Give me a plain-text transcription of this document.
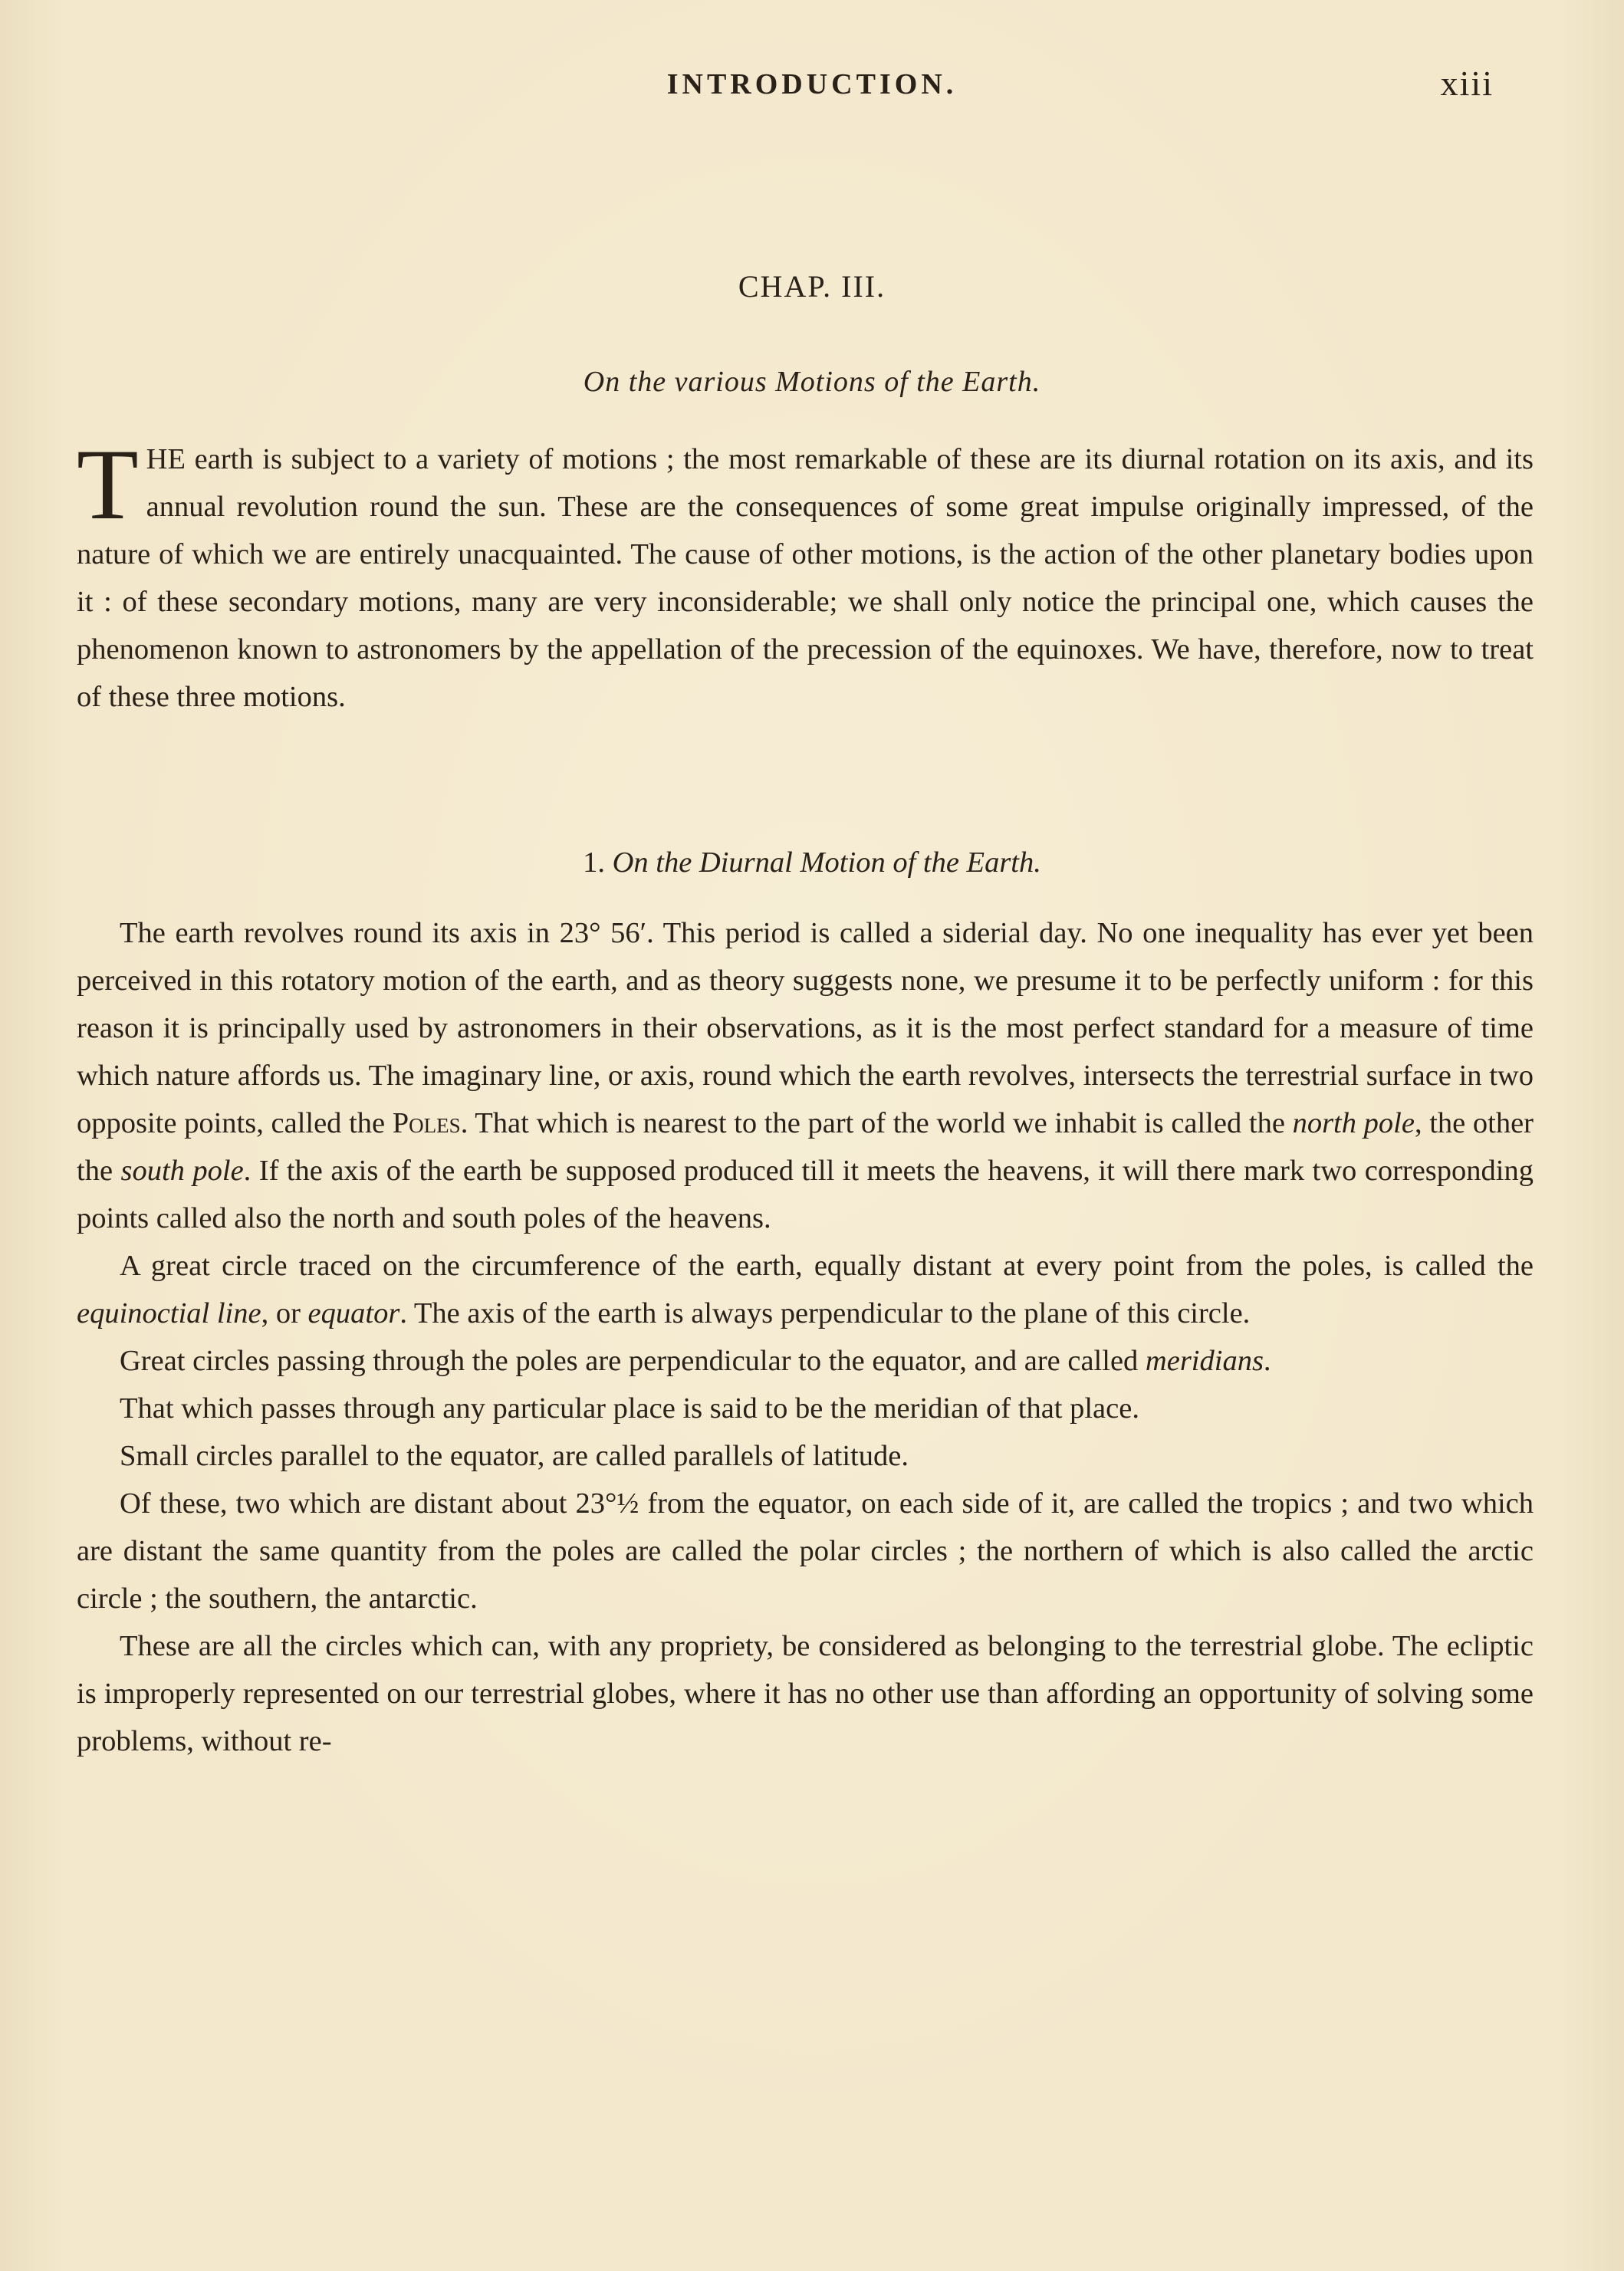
INTRODUCTION.	xiii
CHAP. III.
On the various Motions of the Earth.

THE earth is subject to a variety of motions ; the most remarkable of these are its diurnal rotation on its axis, and its annual revolution round the sun. These are the consequences of some great impulse originally impressed, of the nature of which we are entirely unacquainted. The cause of other motions, is the action of the other planetary bodies upon it : of these secondary motions, many are very inconsiderable; we shall only notice the principal one, which causes the phenomenon known to astronomers by the appellation of the precession of the equinoxes. We have, therefore, now to treat of these three motions.

1. On the Diurnal Motion of the Earth.

The earth revolves round its axis in 23° 56′. This period is called a siderial day. No one inequality has ever yet been perceived in this rotatory motion of the earth, and as theory suggests none, we presume it to be perfectly uniform : for this reason it is principally used by astronomers in their observations, as it is the most perfect standard for a measure of time which nature affords us. The imaginary line, or axis, round which the earth revolves, intersects the terrestrial surface in two opposite points, called the Poles. That which is nearest to the part of the world we inhabit is called the north pole, the other the south pole. If the axis of the earth be supposed produced till it meets the heavens, it will there mark two corresponding points called also the north and south poles of the heavens.

A great circle traced on the circumference of the earth, equally distant at every point from the poles, is called the equinoctial line, or equator. The axis of the earth is always perpendicular to the plane of this circle.

Great circles passing through the poles are perpendicular to the equator, and are called meridians.

That which passes through any particular place is said to be the meridian of that place.

Small circles parallel to the equator, are called parallels of latitude.

Of these, two which are distant about 23°½ from the equator, on each side of it, are called the tropics ; and two which are distant the same quantity from the poles are called the polar circles ; the northern of which is also called the arctic circle ; the southern, the antarctic.

These are all the circles which can, with any propriety, be considered as belonging to the terrestrial globe. The ecliptic is improperly represented on our terrestrial globes, where it has no other use than affording an opportunity of solving some problems, without re-
